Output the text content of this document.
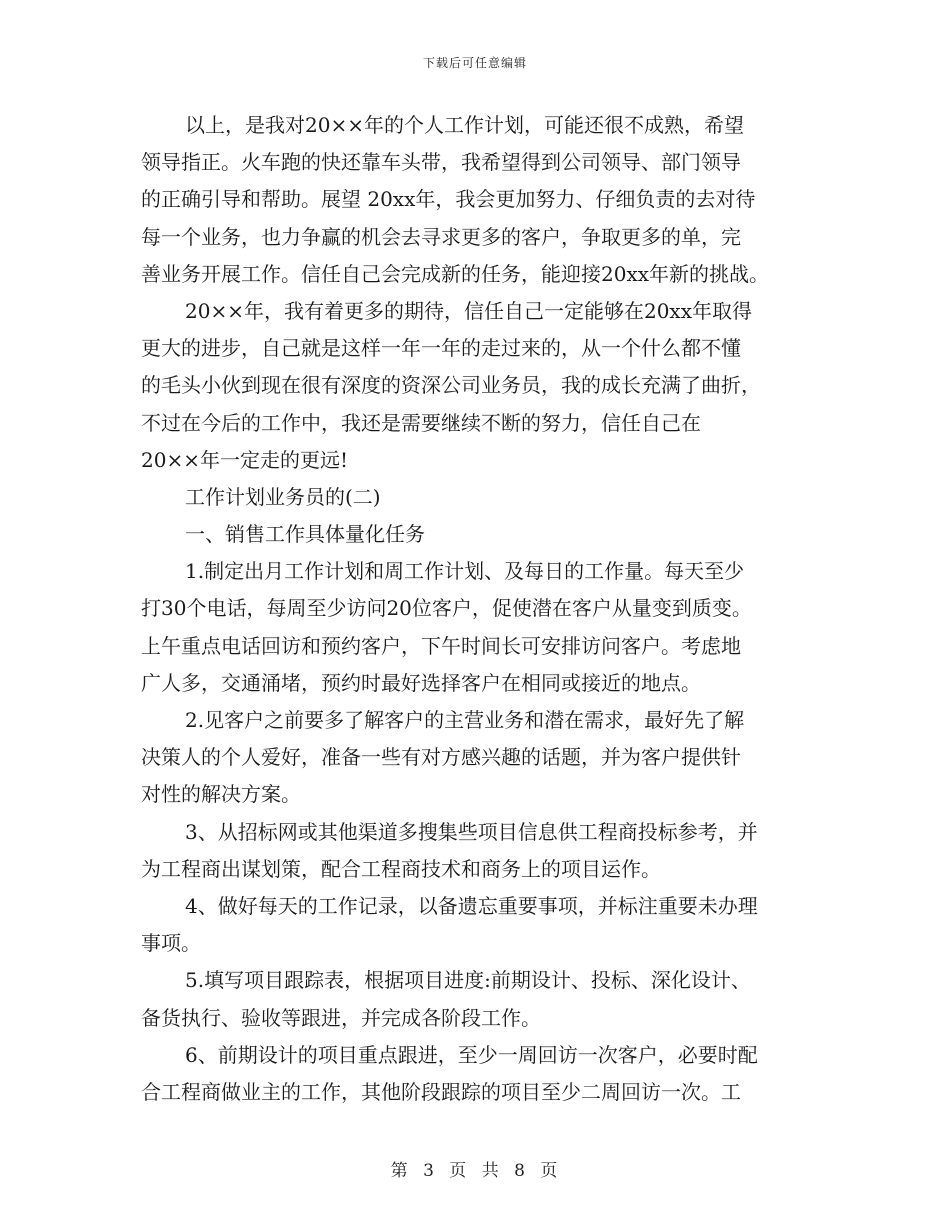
下载后可任意编辑
以上，是我对20××年的个人工作计划，可能还很不成熟，希望
领导指正。火车跑的快还靠车头带，我希望得到公司领导、部门领导
的正确引导和帮助。展望 20xx年，我会更加努力、仔细负责的去对待
每一个业务，也力争赢的机会去寻求更多的客户，争取更多的单，完
善业务开展工作。信任自己会完成新的任务，能迎接20xx年新的挑战。
20××年，我有着更多的期待，信任自己一定能够在20xx年取得
更大的进步，自己就是这样一年一年的走过来的，从一个什么都不懂
的毛头小伙到现在很有深度的资深公司业务员，我的成长充满了曲折，
不过在今后的工作中，我还是需要继续不断的努力，信任自己在
20××年一定走的更远!
工作计划业务员的(二)
一、销售工作具体量化任务
1.制定出月工作计划和周工作计划、及每日的工作量。每天至少
打30个电话，每周至少访问20位客户，促使潜在客户从量变到质变。
上午重点电话回访和预约客户，下午时间长可安排访问客户。考虑地
广人多，交通涌堵，预约时最好选择客户在相同或接近的地点。
2.见客户之前要多了解客户的主营业务和潜在需求，最好先了解
决策人的个人爱好，准备一些有对方感兴趣的话题，并为客户提供针
对性的解决方案。
3、从招标网或其他渠道多搜集些项目信息供工程商投标参考，并
为工程商出谋划策，配合工程商技术和商务上的项目运作。
4、做好每天的工作记录，以备遗忘重要事项，并标注重要未办理
事项。
5.填写项目跟踪表，根据项目进度:前期设计、投标、深化设计、
备货执行、验收等跟进，并完成各阶段工作。
6、前期设计的项目重点跟进，至少一周回访一次客户，必要时配
合工程商做业主的工作，其他阶段跟踪的项目至少二周回访一次。工
第 3 页 共 8 页
